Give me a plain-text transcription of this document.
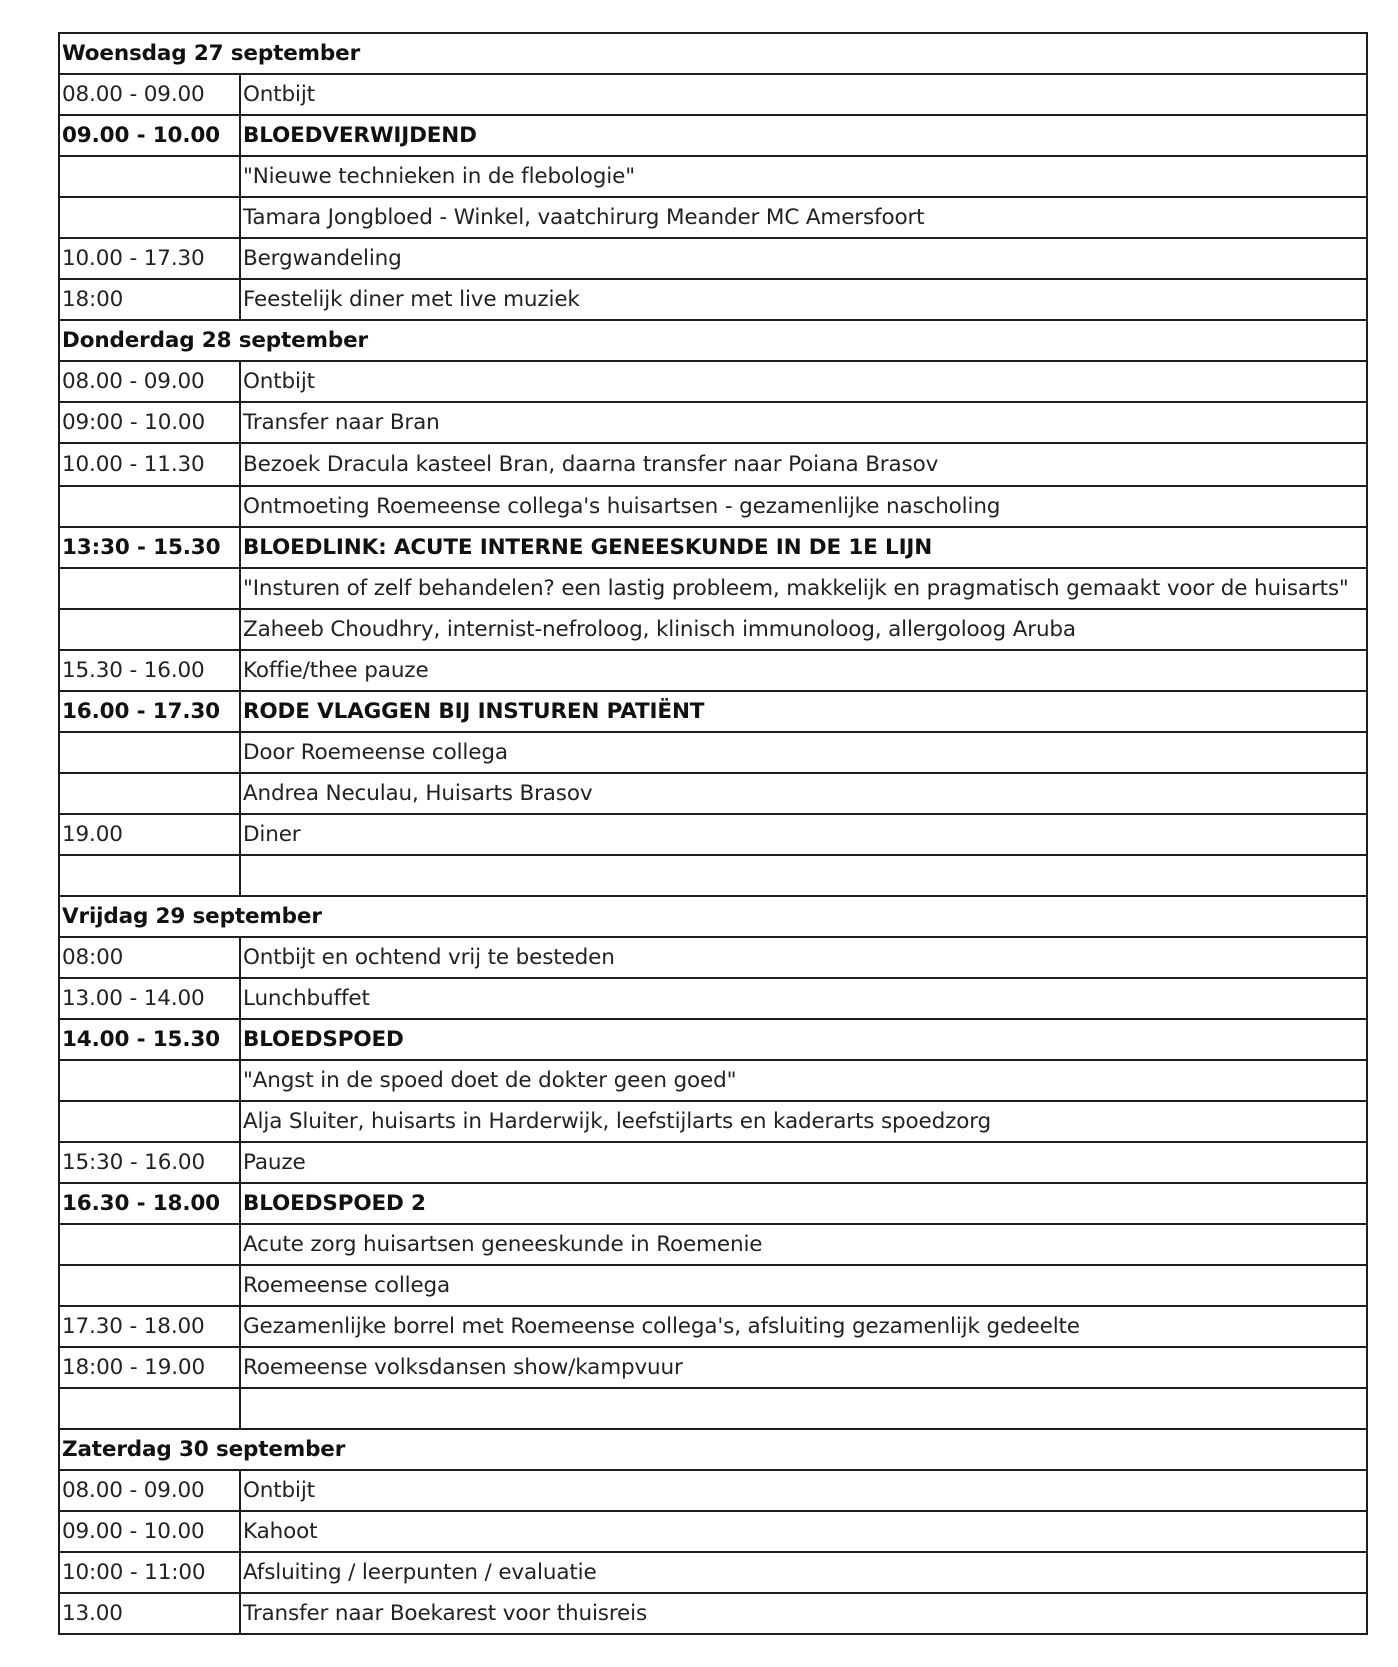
Woensdag 27 september	
08.00 - 09.00	Ontbijt
09.00 - 10.00	BLOEDVERWIJDEND
	"Nieuwe technieken in de flebologie"
	Tamara Jongbloed - Winkel, vaatchirurg Meander MC Amersfoort
10.00 - 17.30	Bergwandeling
18:00	Feestelijk diner met live muziek
Donderdag 28 september	
08.00 - 09.00	Ontbijt
09:00 - 10.00	Transfer naar Bran
10.00 - 11.30	Bezoek Dracula kasteel Bran, daarna transfer naar Poiana Brasov
	Ontmoeting Roemeense collega's huisartsen - gezamenlijke nascholing
13:30 - 15.30	BLOEDLINK: ACUTE INTERNE GENEESKUNDE IN DE 1E LIJN
	"Insturen of zelf behandelen? een lastig probleem, makkelijk en pragmatisch gemaakt voor de huisarts"
	Zaheeb Choudhry, internist-nefroloog, klinisch immunoloog, allergoloog Aruba
15.30 - 16.00	Koffie/thee pauze
16.00 - 17.30	RODE VLAGGEN BIJ INSTUREN PATIËNT
	Door Roemeense collega
	Andrea Neculau, Huisarts Brasov
19.00	Diner

Vrijdag 29 september	
08:00	Ontbijt en ochtend vrij te besteden
13.00 - 14.00	Lunchbuffet
14.00 - 15.30	BLOEDSPOED
	"Angst in de spoed doet de dokter geen goed"
	Alja Sluiter, huisarts in Harderwijk, leefstijlarts en kaderarts spoedzorg
15:30 - 16.00	Pauze
16.30 - 18.00	BLOEDSPOED 2
	Acute zorg huisartsen geneeskunde in Roemenie
	Roemeense collega
17.30 - 18.00	Gezamenlijke borrel met Roemeense collega's, afsluiting gezamenlijk gedeelte
18:00 - 19.00	Roemeense volksdansen show/kampvuur

Zaterdag 30 september	
08.00 - 09.00	Ontbijt
09.00 - 10.00	Kahoot
10:00 - 11:00	Afsluiting / leerpunten / evaluatie
13.00	Transfer naar Boekarest voor thuisreis
